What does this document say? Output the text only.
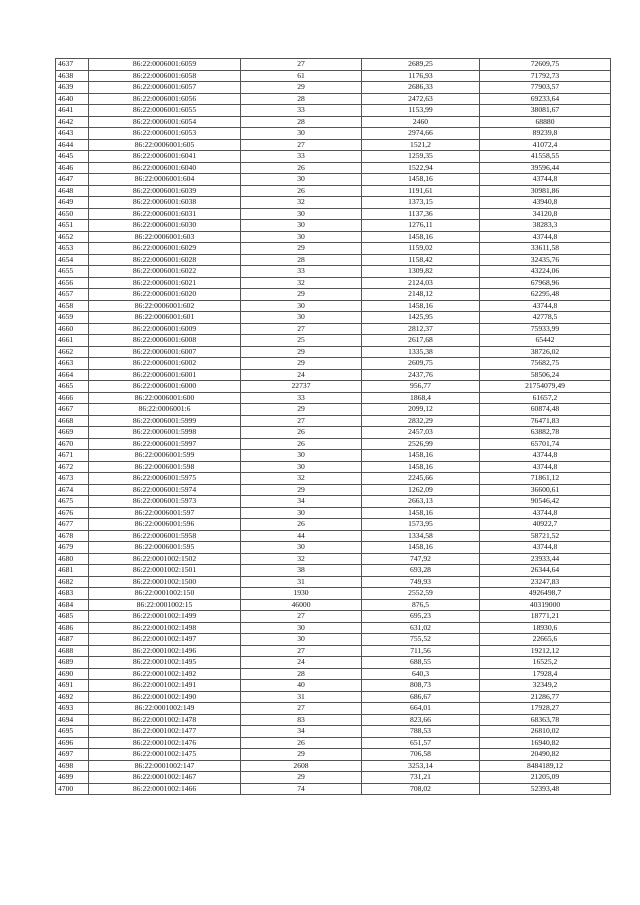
4637	86:22:0006001:6059	27	2689,25	72609,75
4638	86:22:0006001:6058	61	1176,93	71792,73
4639	86:22:0006001:6057	29	2686,33	77903,57
4640	86:22:0006001:6056	28	2472,63	69233,64
4641	86:22:0006001:6055	33	1153,99	38081,67
4642	86:22:0006001:6054	28	2460	68880
4643	86:22:0006001:6053	30	2974,66	89239,8
4644	86:22:0006001:605	27	1521,2	41072,4
4645	86:22:0006001:6041	33	1259,35	41558,55
4646	86:22:0006001:6040	26	1522,94	39596,44
4647	86:22:0006001:604	30	1458,16	43744,8
4648	86:22:0006001:6039	26	1191,61	30981,86
4649	86:22:0006001:6038	32	1373,15	43940,8
4650	86:22:0006001:6031	30	1137,36	34120,8
4651	86:22:0006001:6030	30	1276,11	38283,3
4652	86:22:0006001:603	30	1458,16	43744,8
4653	86:22:0006001:6029	29	1159,02	33611,58
4654	86:22:0006001:6028	28	1158,42	32435,76
4655	86:22:0006001:6022	33	1309,82	43224,06
4656	86:22:0006001:6021	32	2124,03	67968,96
4657	86:22:0006001:6020	29	2148,12	62295,48
4658	86:22:0006001:602	30	1458,16	43744,8
4659	86:22:0006001:601	30	1425,95	42778,5
4660	86:22:0006001:6009	27	2812,37	75933,99
4661	86:22:0006001:6008	25	2617,68	65442
4662	86:22:0006001:6007	29	1335,38	38726,02
4663	86:22:0006001:6002	29	2609,75	75682,75
4664	86:22:0006001:6001	24	2437,76	58506,24
4665	86:22:0006001:6000	22737	956,77	21754079,49
4666	86:22:0006001:600	33	1868,4	61657,2
4667	86:22:0006001:6	29	2099,12	60874,48
4668	86:22:0006001:5999	27	2832,29	76471,83
4669	86:22:0006001:5998	26	2457,03	63882,78
4670	86:22:0006001:5997	26	2526,99	65701,74
4671	86:22:0006001:599	30	1458,16	43744,8
4672	86:22:0006001:598	30	1458,16	43744,8
4673	86:22:0006001:5975	32	2245,66	71861,12
4674	86:22:0006001:5974	29	1262,09	36600,61
4675	86:22:0006001:5973	34	2663,13	90546,42
4676	86:22:0006001:597	30	1458,16	43744,8
4677	86:22:0006001:596	26	1573,95	40922,7
4678	86:22:0006001:5958	44	1334,58	58721,52
4679	86:22:0006001:595	30	1458,16	43744,8
4680	86:22:0001002:1502	32	747,92	23933,44
4681	86:22:0001002:1501	38	693,28	26344,64
4682	86:22:0001002:1500	31	749,93	23247,83
4683	86:22:0001002:150	1930	2552,59	4926498,7
4684	86:22:0001002:15	46000	876,5	40319000
4685	86:22:0001002:1499	27	695,23	18771,21
4686	86:22:0001002:1498	30	631,02	18930,6
4687	86:22:0001002:1497	30	755,52	22665,6
4688	86:22:0001002:1496	27	711,56	19212,12
4689	86:22:0001002:1495	24	688,55	16525,2
4690	86:22:0001002:1492	28	640,3	17928,4
4691	86:22:0001002:1491	40	808,73	32349,2
4692	86:22:0001002:1490	31	686,67	21286,77
4693	86:22:0001002:149	27	664,01	17928,27
4694	86:22:0001002:1478	83	823,66	68363,78
4695	86:22:0001002:1477	34	788,53	26810,02
4696	86:22:0001002:1476	26	651,57	16940,82
4697	86:22:0001002:1475	29	706,58	20490,82
4698	86:22:0001002:147	2608	3253,14	8484189,12
4699	86:22:0001002:1467	29	731,21	21205,09
4700	86:22:0001002:1466	74	708,02	52393,48
